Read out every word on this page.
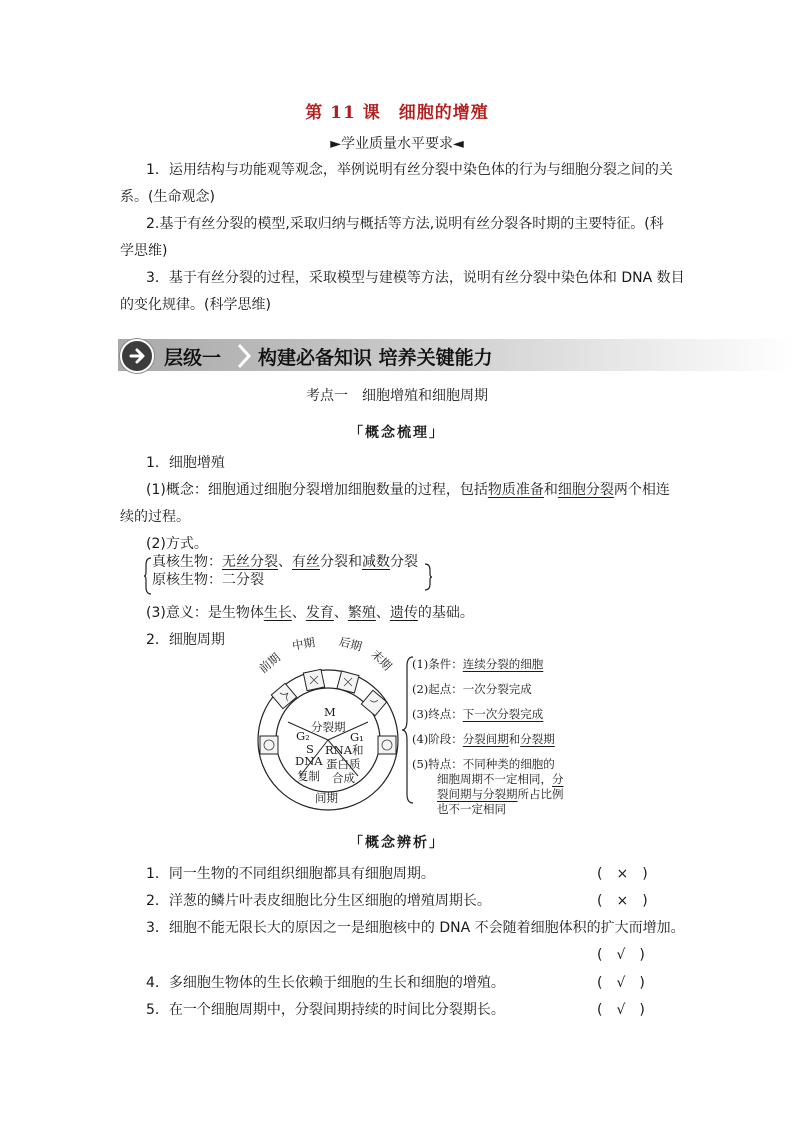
第 11 课　细胞的增殖
►学业质量水平要求◄
1．运用结构与功能观等观念，举例说明有丝分裂中染色体的行为与细胞分裂之间的关
系。(生命观念)
2.基于有丝分裂的模型,采取归纳与概括等方法,说明有丝分裂各时期的主要特征。(科
学思维)
3．基于有丝分裂的过程，采取模型与建模等方法，说明有丝分裂中染色体和 DNA 数目
的变化规律。(科学思维)
层级一 构建必备知识 培养关键能力
考点一　细胞增殖和细胞周期
「概念梳理」
1．细胞增殖
(1)概念：细胞通过细胞分裂增加细胞数量的过程，包括物质准备和细胞分裂两个相连
续的过程。
(2)方式。
真核生物：无丝分裂、有丝分裂和减数分裂
原核生物：二分裂
(3)意义：是生物体生长、发育、繁殖、遗传的基础。
2．细胞周期
前期
中期 后期
末期
M
分裂期
G₂	G₁
S
DNA
复制
RNA和
蛋白质
合成
间期
(1)条件：连续分裂的细胞
(2)起点：一次分裂完成
(3)终点：下一次分裂完成
(4)阶段：分裂间期和分裂期
(5)特点：不同种类的细胞的
细胞周期不一定相同，分
裂间期与分裂期所占比例
也不一定相同
「概念辨析」
1．同一生物的不同组织细胞都具有细胞周期。	(　×　)
2．洋葱的鳞片叶表皮细胞比分生区细胞的增殖周期长。	(　×　)
3．细胞不能无限长大的原因之一是细胞核中的 DNA 不会随着细胞体积的扩大而增加。
(　√　)
4．多细胞生物体的生长依赖于细胞的生长和细胞的增殖。	(　√　)
5．在一个细胞周期中，分裂间期持续的时间比分裂期长。	(　√　)
